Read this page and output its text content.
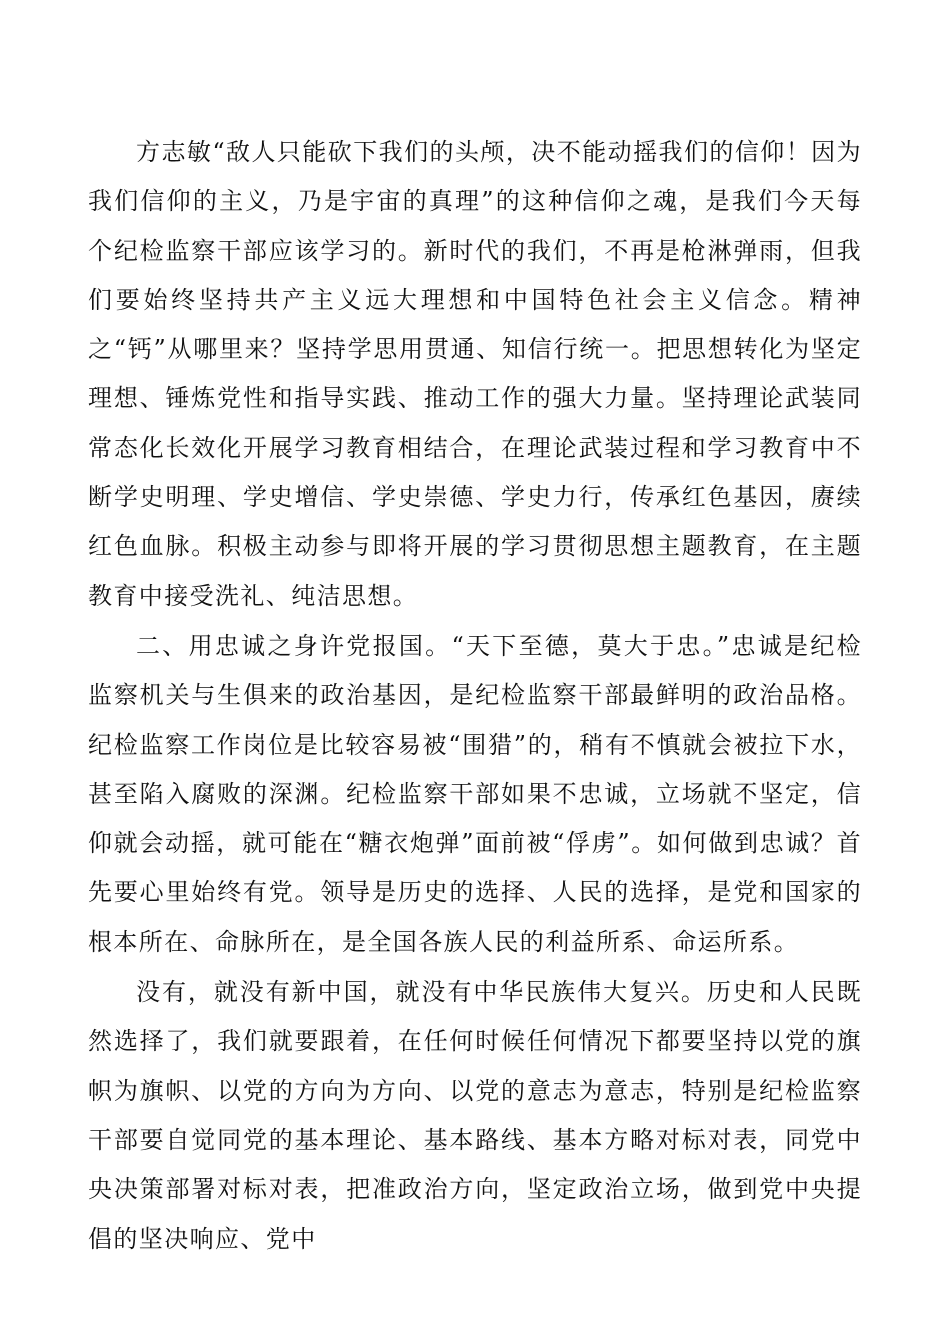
方志敏“敌人只能砍下我们的头颅，决不能动摇我们的信仰！因为我们信仰的主义，乃是宇宙的真理”的这种信仰之魂，是我们今天每个纪检监察干部应该学习的。新时代的我们，不再是枪淋弹雨，但我们要始终坚持共产主义远大理想和中国特色社会主义信念。精神之“钙”从哪里来？坚持学思用贯通、知信行统一。把思想转化为坚定理想、锤炼党性和指导实践、推动工作的强大力量。坚持理论武装同常态化长效化开展学习教育相结合，在理论武装过程和学习教育中不断学史明理、学史增信、学史崇德、学史力行，传承红色基因，赓续红色血脉。积极主动参与即将开展的学习贯彻思想主题教育，在主题教育中接受洗礼、纯洁思想。

二、用忠诚之身许党报国。“天下至德，莫大于忠。”忠诚是纪检监察机关与生俱来的政治基因，是纪检监察干部最鲜明的政治品格。纪检监察工作岗位是比较容易被“围猎”的，稍有不慎就会被拉下水，甚至陷入腐败的深渊。纪检监察干部如果不忠诚，立场就不坚定，信仰就会动摇，就可能在“糖衣炮弹”面前被“俘虏”。如何做到忠诚？首先要心里始终有党。领导是历史的选择、人民的选择，是党和国家的根本所在、命脉所在，是全国各族人民的利益所系、命运所系。

没有，就没有新中国，就没有中华民族伟大复兴。历史和人民既然选择了，我们就要跟着，在任何时候任何情况下都要坚持以党的旗帜为旗帜、以党的方向为方向、以党的意志为意志，特别是纪检监察干部要自觉同党的基本理论、基本路线、基本方略对标对表，同党中央决策部署对标对表，把准政治方向，坚定政治立场，做到党中央提倡的坚决响应、党中
